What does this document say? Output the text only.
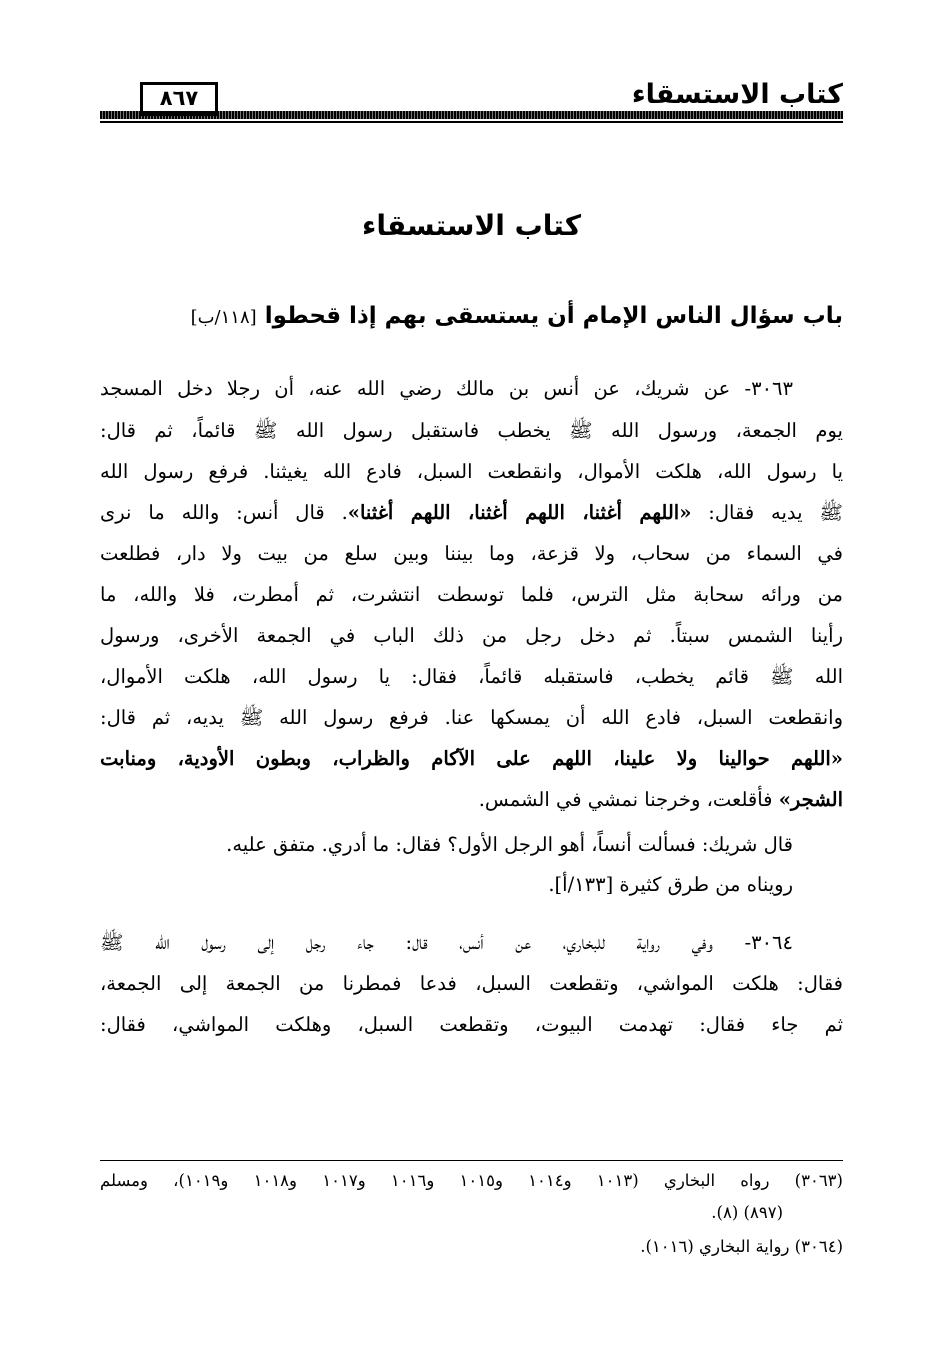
كتاب الاستسقاء
٨٦٧
كتاب الاستسقاء
باب سؤال الناس الإمام أن يستسقى بهم إذا قحطوا [١١٨/ب]
٣٠٦٣- عن شريك، عن أنس بن مالك رضي الله عنه، أن رجلا دخل المسجد
يوم الجمعة، ورسول الله ﷺ يخطب فاستقبل رسول الله ﷺ قائماً، ثم قال:
يا رسول الله، هلكت الأموال، وانقطعت السبل، فادع الله يغيثنا. فرفع رسول الله
ﷺ يديه فقال: «اللهم أغثنا، اللهم أغثنا، اللهم أغثنا». قال أنس: والله ما نرى
في السماء من سحاب، ولا قزعة، وما بيننا وبين سلع من بيت ولا دار، فطلعت
من ورائه سحابة مثل الترس، فلما توسطت انتشرت، ثم أمطرت، فلا والله، ما
رأينا الشمس سبتاً. ثم دخل رجل من ذلك الباب في الجمعة الأخرى، ورسول
الله ﷺ قائم يخطب، فاستقبله قائماً، فقال: يا رسول الله، هلكت الأموال،
وانقطعت السبل، فادع الله أن يمسكها عنا. فرفع رسول الله ﷺ يديه، ثم قال:
«اللهم حوالينا ولا علينا، اللهم على الآكام والظراب، وبطون الأودية، ومنابت
الشجر» فأقلعت، وخرجنا نمشي في الشمس.
قال شريك: فسألت أنساً، أهو الرجل الأول؟ فقال: ما أدري. متفق عليه.
رويناه من طرق كثيرة [١٣٣/أ].
٣٠٦٤- وفي رواية للبخاري، عن أنس، قال: جاء رجل إلى رسول الله ﷺ
فقال: هلكت المواشي، وتقطعت السبل، فدعا فمطرنا من الجمعة إلى الجمعة،
ثم جاء فقال: تهدمت البيوت، وتقطعت السبل، وهلكت المواشي، فقال:
(٣٠٦٣) رواه البخاري (١٠١٣ و١٠١٤ و١٠١٥ و١٠١٦ و١٠١٧ و١٠١٨ و١٠١٩)، ومسلم
(٨٩٧) (٨).
(٣٠٦٤) رواية البخاري (١٠١٦).
